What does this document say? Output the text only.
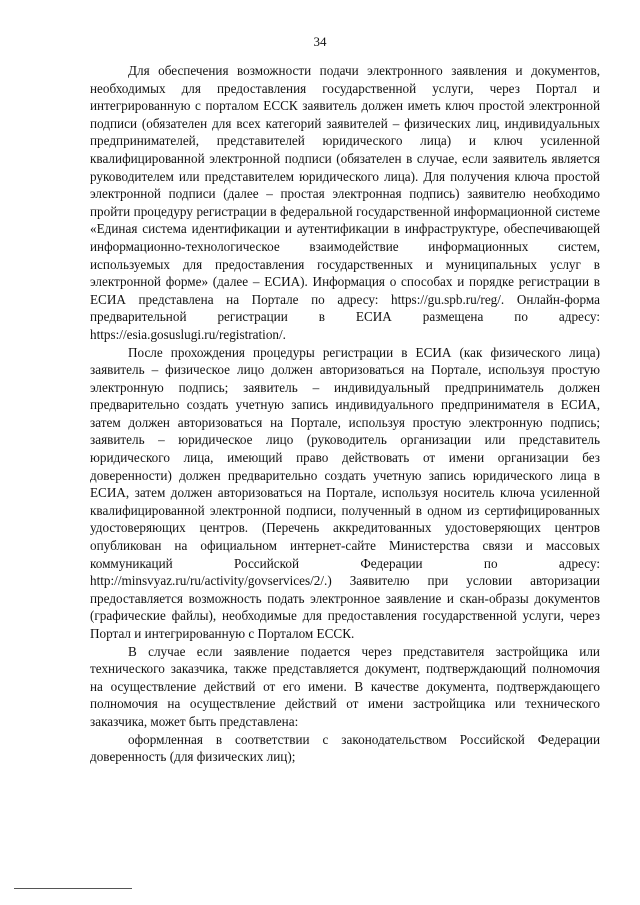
34

Для обеспечения возможности подачи электронного заявления и документов, необходимых для предоставления государственной услуги, через Портал и интегрированную с порталом ЕССК заявитель должен иметь ключ простой электронной подписи (обязателен для всех категорий заявителей – физических лиц, индивидуальных предпринимателей, представителей юридического лица) и ключ усиленной квалифицированной электронной подписи (обязателен в случае, если заявитель является руководителем или представителем юридического лица). Для получения ключа простой электронной подписи (далее – простая электронная подпись) заявителю необходимо пройти процедуру регистрации в федеральной государственной информационной системе «Единая система идентификации и аутентификации в инфраструктуре, обеспечивающей информационно-технологическое взаимодействие информационных систем, используемых для предоставления государственных и муниципальных услуг в электронной форме» (далее – ЕСИА). Информация о способах и порядке регистрации в ЕСИА представлена на Портале по адресу: https://gu.spb.ru/reg/. Онлайн-форма предварительной регистрации в ЕСИА размещена по адресу: https://esia.gosuslugi.ru/registration/.

После прохождения процедуры регистрации в ЕСИА (как физического лица) заявитель – физическое лицо должен авторизоваться на Портале, используя простую электронную подпись; заявитель – индивидуальный предприниматель должен предварительно создать учетную запись индивидуального предпринимателя в ЕСИА, затем должен авторизоваться на Портале, используя простую электронную подпись; заявитель – юридическое лицо (руководитель организации или представитель юридического лица, имеющий право действовать от имени организации без доверенности) должен предварительно создать учетную запись юридического лица в ЕСИА, затем должен авторизоваться на Портале, используя носитель ключа усиленной квалифицированной электронной подписи, полученный в одном из сертифицированных удостоверяющих центров. (Перечень аккредитованных удостоверяющих центров опубликован на официальном интернет-сайте Министерства связи и массовых коммуникаций Российской Федерации по адресу: http://minsvyaz.ru/ru/activity/govservices/2/.) Заявителю при условии авторизации предоставляется возможность подать электронное заявление и скан-образы документов (графические файлы), необходимые для предоставления государственной услуги, через Портал и интегрированную с Порталом ЕССК.

В случае если заявление подается через представителя застройщика или технического заказчика, также представляется документ, подтверждающий полномочия на осуществление действий от его имени. В качестве документа, подтверждающего полномочия на осуществление действий от имени застройщика или технического заказчика, может быть представлена:

оформленная в соответствии с законодательством Российской Федерации доверенность (для физических лиц);
